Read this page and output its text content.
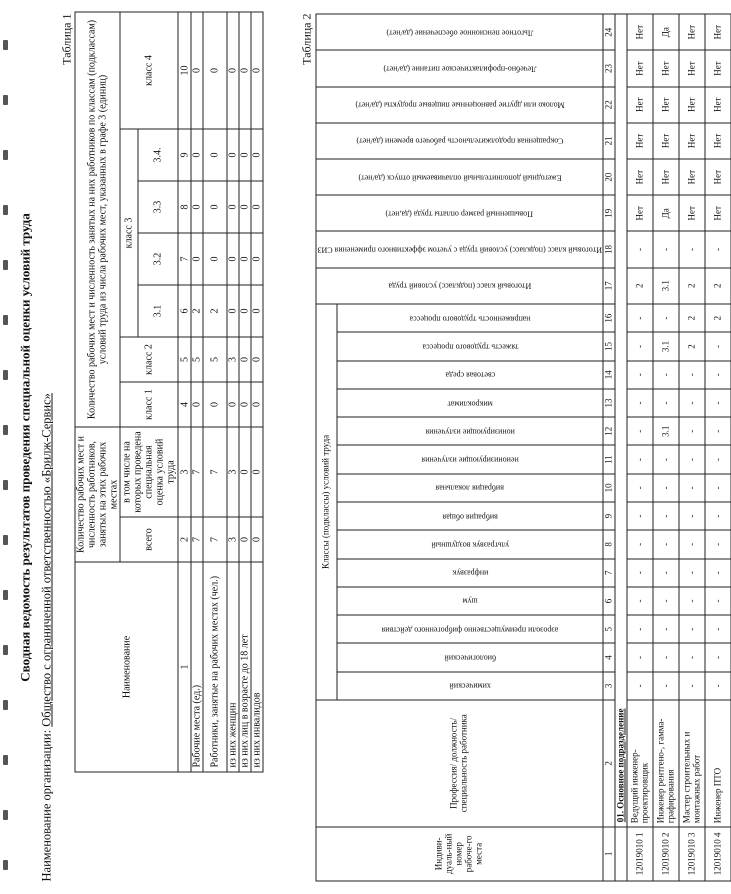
Сводная ведомость результатов проведения специальной оценки условий труда
Наименование организации: Общество с ограниченной ответственностью «Брилж-Сервис»
Таблица 1
Наименование	Количество рабочих мест и численность работников, занятых на этих рабочих местах		Количество рабочих мест и численность занятых на них работников по классам (подклассам) условий труда из числа рабочих мест, указанных в графе 3 (единиц)						
	всего	в том числе на которых проведена специальная оценка условий труда	класс 1	класс 2	класс 3				класс 4
					3.1	3.2	3.3	3.4.	
1	2	3	4	5	6	7	8	9	10
Рабочие места (ед.)	7	7	0	5	2	0	0	0	0
Работники, занятые на рабочих местах (чел.)	7	7	0	5	2	0	0	0	0
из них женщин	3	3	0	3	0	0	0	0	0
из них лиц в возрасте до 18 лет	0	0	0	0	0	0	0	0	0
из них инвалидов	0	0	0	0	0	0	0	0	0
Таблица 2
Индиви-дуаль-ный номер рабоче-го места	Профессия/ должность/ специальность работника	Классы (подклассы) условий труда														Итоговый класс (подкласс) условий труда	Итоговый класс (подкласс) условий труда с учетом эффективного применения СИЗ	Повышенный размер оплаты труда (да,нет)	Ежегодный дополнительный оплачиваемый отпуск (да/нет)	Сокращенная продолжительность рабочего времени (да/нет)	Молоко или другие равноценные пищевые продукты (да/нет)	Лечебно-профилактическое питание (да/нет)	Льготное пенсионное обеспечение (да/нет)

		химический	биологический	аэрозоли преимущественно фиброгенного действия	шум	инфразвук	ультразвук воздушный	вибрация общая	вибрация локальная	неионизирующие излучения	ионизирующие излучения	микроклимат	световая среда	тяжесть трудового процесса	напряженность трудового процесса								

1	2	3	4	5	6	7	8	9	10	11	12	13	14	15	16	17	18	19	20	21	22	23	24
	01. Основное подразделение																						
12019010 1	Ведущий инженер-проектировщик	-	-	-	-	-	-	-	-	-	-	-	-	-	-	2	-	Нет	Нет	Нет	Нет	Нет	Нет
12019010 2	Инженер рентгено-, гамма-графирования	-	-	-	-	-	-	-	-	-	3.1	-	-	3.1	-	3.1	-	Да	Нет	Нет	Нет	Нет	Да
12019010 3	Мастер строительных и монтажных работ	-	-	-	-	-	-	-	-	-	-	-	-	2	2	2	-	Нет	Нет	Нет	Нет	Нет	Нет
12019010 4	Инженер ПТО	-	-	-	-	-	-	-	-	-	-	-	-	-	2	2	-	Нет	Нет	Нет	Нет	Нет	Нет
